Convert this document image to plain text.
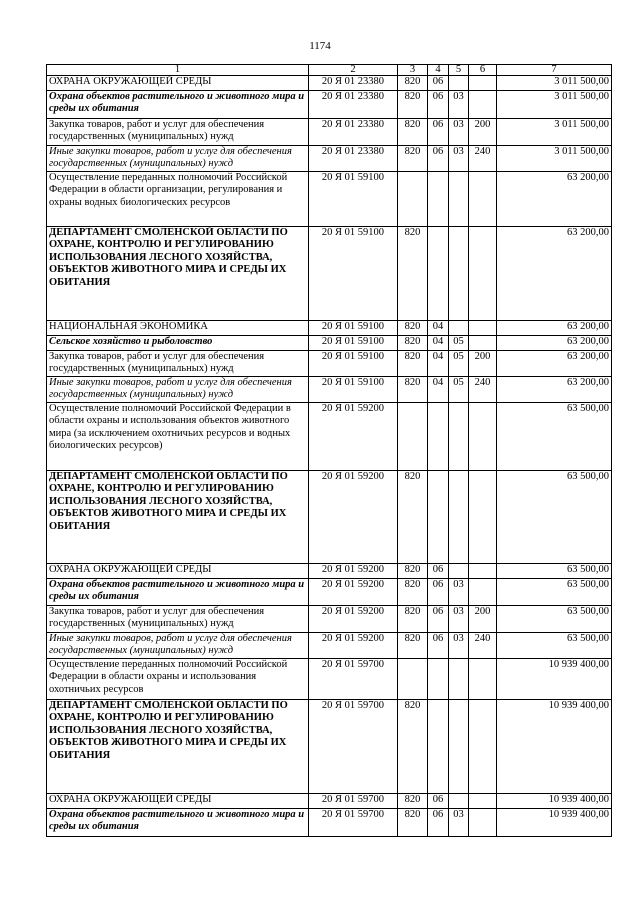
1174
1	2	3	4	5	6	7
ОХРАНА ОКРУЖАЮЩЕЙ СРЕДЫ	20 Я 01 23380	820	06			3 011 500,00
Охрана объектов растительного и животного мира и среды их обитания	20 Я 01 23380	820	06	03		3 011 500,00
Закупка товаров, работ и услуг для обеспечения государственных (муниципальных) нужд	20 Я 01 23380	820	06	03	200	3 011 500,00
Иные закупки товаров, работ и услуг для обеспечения государственных (муниципальных) нужд	20 Я 01 23380	820	06	03	240	3 011 500,00
Осуществление переданных полномочий Российской Федерации в области организации, регулирования и охраны водных биологических ресурсов	20 Я 01 59100					63 200,00
ДЕПАРТАМЕНТ СМОЛЕНСКОЙ ОБЛАСТИ ПО ОХРАНЕ, КОНТРОЛЮ И РЕГУЛИРОВАНИЮ ИСПОЛЬЗОВАНИЯ ЛЕСНОГО ХОЗЯЙСТВА, ОБЪЕКТОВ ЖИВОТНОГО МИРА И СРЕДЫ ИХ ОБИТАНИЯ	20 Я 01 59100	820				63 200,00
НАЦИОНАЛЬНАЯ ЭКОНОМИКА	20 Я 01 59100	820	04			63 200,00
Сельское хозяйство и рыболовство	20 Я 01 59100	820	04	05		63 200,00
Закупка товаров, работ и услуг для обеспечения государственных (муниципальных) нужд	20 Я 01 59100	820	04	05	200	63 200,00
Иные закупки товаров, работ и услуг для обеспечения государственных (муниципальных) нужд	20 Я 01 59100	820	04	05	240	63 200,00
Осуществление полномочий Российской Федерации в области охраны и использования объектов животного мира (за исключением охотничьих ресурсов и водных биологических ресурсов)	20 Я 01 59200					63 500,00
ДЕПАРТАМЕНТ СМОЛЕНСКОЙ ОБЛАСТИ ПО ОХРАНЕ, КОНТРОЛЮ И РЕГУЛИРОВАНИЮ ИСПОЛЬЗОВАНИЯ ЛЕСНОГО ХОЗЯЙСТВА, ОБЪЕКТОВ ЖИВОТНОГО МИРА И СРЕДЫ ИХ ОБИТАНИЯ	20 Я 01 59200	820				63 500,00
ОХРАНА ОКРУЖАЮЩЕЙ СРЕДЫ	20 Я 01 59200	820	06			63 500,00
Охрана объектов растительного и животного мира и среды их обитания	20 Я 01 59200	820	06	03		63 500,00
Закупка товаров, работ и услуг для обеспечения государственных (муниципальных) нужд	20 Я 01 59200	820	06	03	200	63 500,00
Иные закупки товаров, работ и услуг для обеспечения государственных (муниципальных) нужд	20 Я 01 59200	820	06	03	240	63 500,00
Осуществление переданных полномочий Российской Федерации в области охраны и использования охотничьих ресурсов	20 Я 01 59700					10 939 400,00
ДЕПАРТАМЕНТ СМОЛЕНСКОЙ ОБЛАСТИ ПО ОХРАНЕ, КОНТРОЛЮ И РЕГУЛИРОВАНИЮ ИСПОЛЬЗОВАНИЯ ЛЕСНОГО ХОЗЯЙСТВА, ОБЪЕКТОВ ЖИВОТНОГО МИРА И СРЕДЫ ИХ ОБИТАНИЯ	20 Я 01 59700	820				10 939 400,00
ОХРАНА ОКРУЖАЮЩЕЙ СРЕДЫ	20 Я 01 59700	820	06			10 939 400,00
Охрана объектов растительного и животного мира и среды их обитания	20 Я 01 59700	820	06	03		10 939 400,00
